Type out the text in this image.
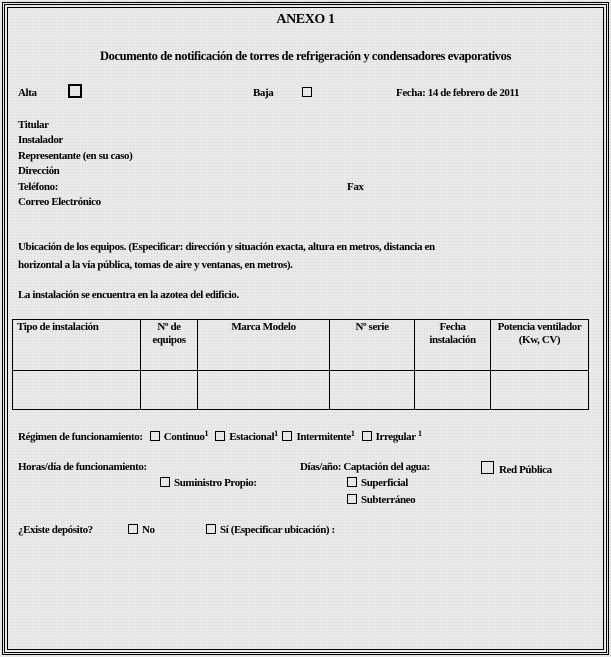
ANEXO 1
Documento de notificación de torres de refrigeración y condensadores evaporativos
Alta	Baja	Fecha: 14 de febrero de 2011
Titular
Instalador
Representante (en su caso)
Dirección
Teléfono:	Fax
Correo Electrónico
Ubicación de los equipos. (Especificar: dirección y situación exacta, altura en metros, distancia en
horizontal a la vía pública, tomas de aire y ventanas, en metros).
La instalación se encuentra en la azotea del edificio.
Tipo de instalación	Nº de equipos	Marca Modelo	Nº serie	Fecha instalación	Potencia ventilador (Kw, CV)

Régimen de funcionamiento: Continuo$^1$ Estacional$^1$ Intermitente$^1$ Irregular $^1$
Horas/día de funcionamiento:	Días/año: Captación del agua:	Red Pública
Suministro Propio:	Superficial
Subterráneo
¿Existe depósito?	No	Sí (Especificar ubicación) :
